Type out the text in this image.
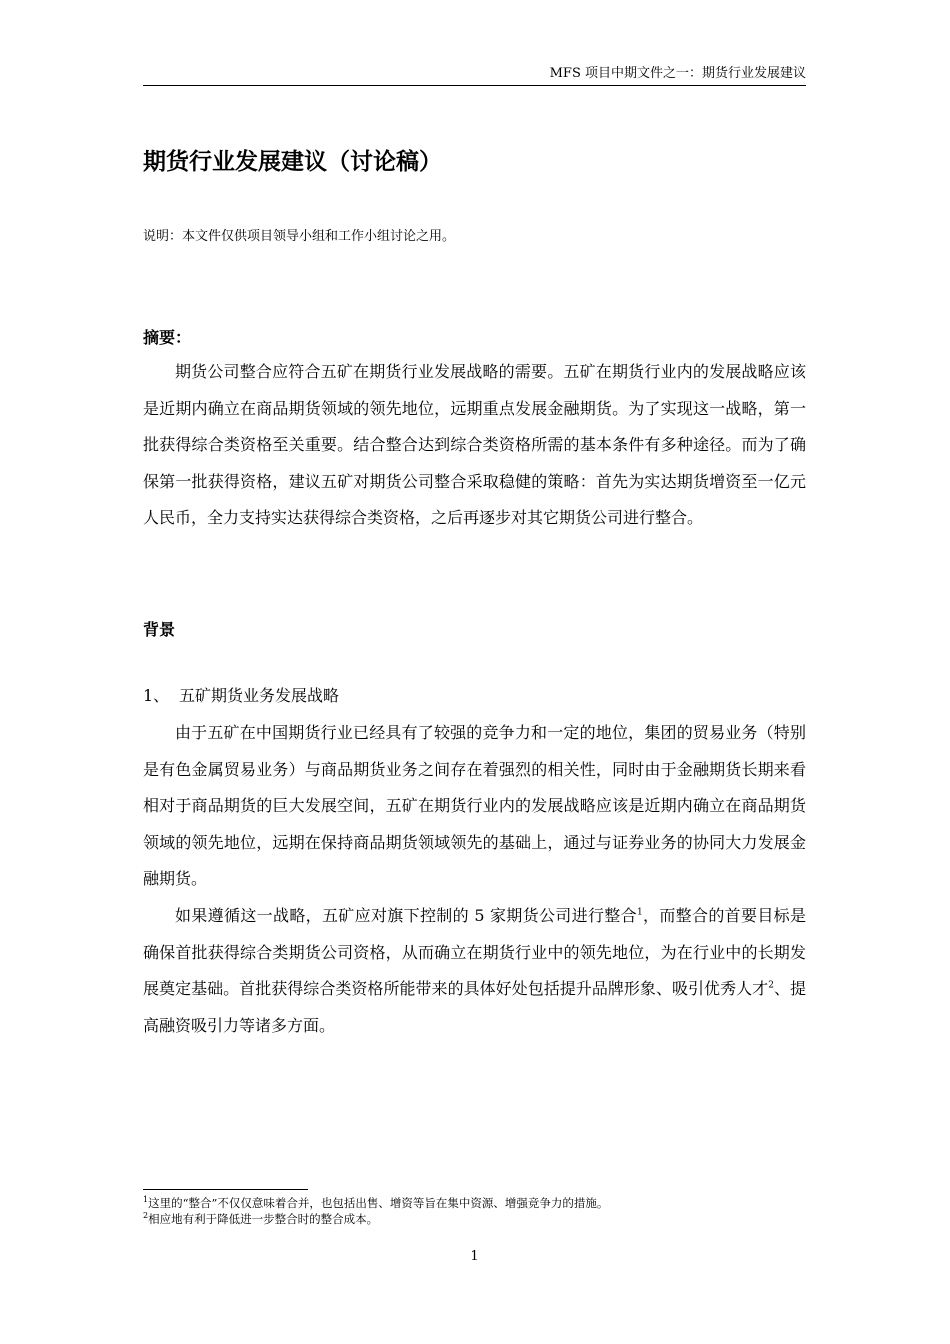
MFS 项目中期文件之一：期货行业发展建议
期货行业发展建议（讨论稿）
说明：本文件仅供项目领导小组和工作小组讨论之用。
摘要：

期货公司整合应符合五矿在期货行业发展战略的需要。五矿在期货行业内的发展战略应该是近期内确立在商品期货领域的领先地位，远期重点发展金融期货。为了实现这一战略，第一批获得综合类资格至关重要。结合整合达到综合类资格所需的基本条件有多种途径。而为了确保第一批获得资格，建议五矿对期货公司整合采取稳健的策略：首先为实达期货增资至一亿元人民币，全力支持实达获得综合类资格，之后再逐步对其它期货公司进行整合。

背景
1、 五矿期货业务发展战略

由于五矿在中国期货行业已经具有了较强的竞争力和一定的地位，集团的贸易业务（特别是有色金属贸易业务）与商品期货业务之间存在着强烈的相关性，同时由于金融期货长期来看相对于商品期货的巨大发展空间，五矿在期货行业内的发展战略应该是近期内确立在商品期货领域的领先地位，远期在保持商品期货领域领先的基础上，通过与证券业务的协同大力发展金融期货。

如果遵循这一战略，五矿应对旗下控制的 5 家期货公司进行整合$^1$，而整合的首要目标是确保首批获得综合类期货公司资格，从而确立在期货行业中的领先地位，为在行业中的长期发展奠定基础。首批获得综合类资格所能带来的具体好处包括提升品牌形象、吸引优秀人才$^2$、提高融资吸引力等诸多方面。

$^1$这里的“整合”不仅仅意味着合并，也包括出售、增资等旨在集中资源、增强竞争力的措施。
$^2$相应地有利于降低进一步整合时的整合成本。
1
